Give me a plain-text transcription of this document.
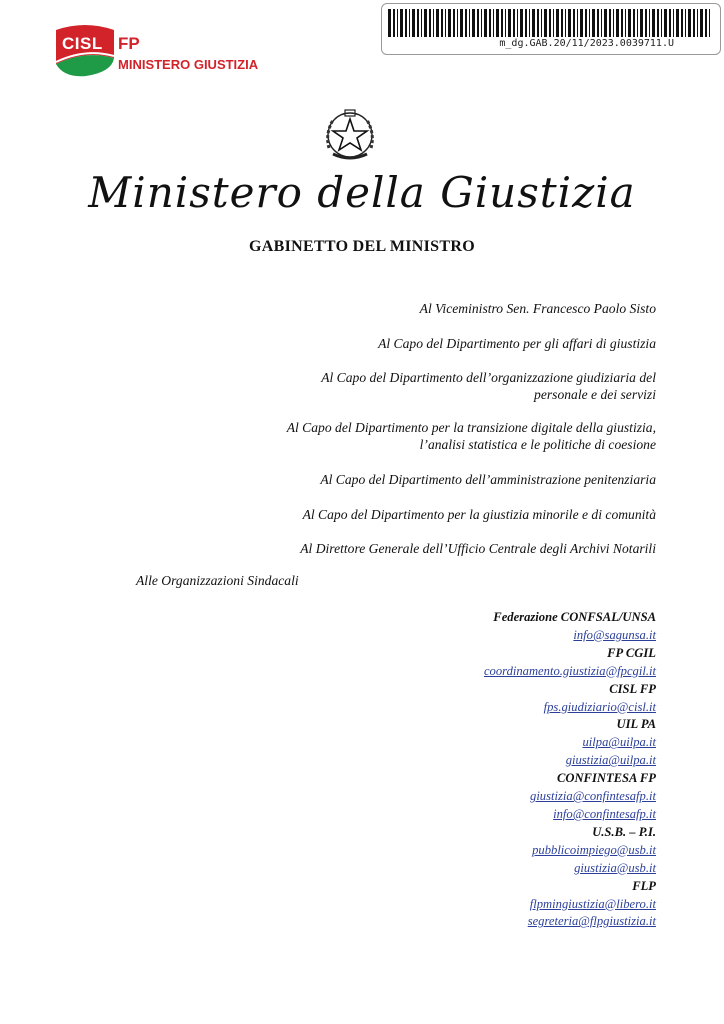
CISL FP
MINISTERO GIUSTIZIA
m_dg.GAB.20/11/2023.0039711.U
Ministero della Giustizia
GABINETTO DEL MINISTRO
Al Viceministro Sen. Francesco Paolo Sisto
Al Capo del Dipartimento per gli affari di giustizia
Al Capo del Dipartimento dell’organizzazione giudiziaria del
personale e dei servizi
Al Capo del Dipartimento per la transizione digitale della giustizia,
l’analisi statistica e le politiche di coesione
Al Capo del Dipartimento dell’amministrazione penitenziaria
Al Capo del Dipartimento per la giustizia minorile e di comunità
Al Direttore Generale dell’Ufficio Centrale degli Archivi Notarili
Alle Organizzazioni Sindacali
Federazione CONFSAL/UNSA
info@sagunsa.it
FP CGIL
coordinamento.giustizia@fpcgil.it
CISL FP
fps.giudiziario@cisl.it
UIL PA
uilpa@uilpa.it
giustizia@uilpa.it
CONFINTESA FP
giustizia@confintesafp.it
info@confintesafp.it
U.S.B. – P.I.
pubblicoimpiego@usb.it
giustizia@usb.it
FLP
flpmingiustizia@libero.it
segreteria@flpgiustizia.it
